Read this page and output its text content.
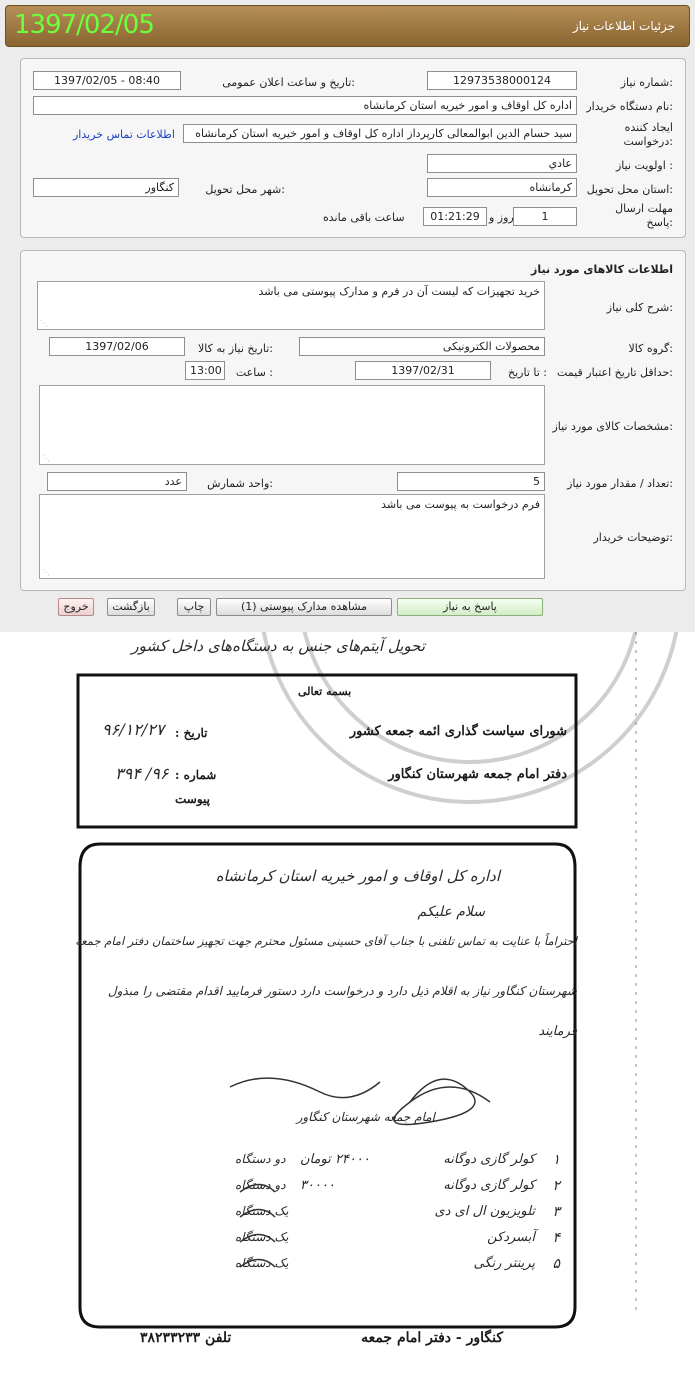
1397/02/05	جزئیات اطلاعات نیاز
شماره نیاز:
12973538000124
تاریخ و ساعت اعلان عمومی:
1397/02/05 - 08:40
نام دستگاه خریدار:
اداره کل اوقاف و امور خیریه استان کرمانشاه
ایجاد کننده درخواست:
سید حسام الدین ابوالمعالی کارپرداز اداره کل اوقاف و امور خیریه استان کرمانشاه
اطلاعات تماس خریدار
اولویت نیاز :
عادي
استان محل تحویل:
کرمانشاه
شهر محل تحویل:
کنگاور
مهلت ارسال پاسخ:
1
روز و
01:21:29
ساعت باقی مانده
اطلاعات کالاهای مورد نیاز
شرح کلی نیاز:
خرید تجهیزات که لیست آن در فرم و مدارک پیوستی می باشد
⋰
گروه کالا:
محصولات الکترونیکی
تاریخ نیاز به کالا:
1397/02/06
حداقل تاریخ اعتبار قیمت:
تا تاریخ :
1397/02/31
ساعت :
13:00
مشخصات کالای مورد نیاز:
⋰
تعداد / مقدار مورد نیاز:
5
واحد شمارش:
عدد
توضیحات خریدار:
فرم درخواست به پیوست می باشد
⋰
پاسخ به نیاز
مشاهده مدارک پیوستی (1)
چاپ
بازگشت
خروج
تحویل آیتم‌های جنس به دستگاه‌های داخل کشور
بسمه تعالی
شورای سیاست گذاری ائمه جمعه کشور
دفتر امام جمعه شهرستان کنگاور
تاریخ :
۹۶/۱۲/۲۷
شماره :
۹۶/ ۳۹۴
پیوست
اداره کل اوقاف و امور خیریه استان کرمانشاه
سلام علیکم
احتراماً با عنایت به تماس تلفنی با جناب آقای حسینی مسئول محترم جهت تجهیز ساختمان دفتر امام جمعه
شهرستان کنگاور نیاز به اقلام ذیل دارد و درخواست دارد دستور فرمایید اقدام مقتضی را مبذول
فرمایند
امام جمعه شهرستان کنگاور
۱
کولر گازی دوگانه
۲۴۰۰۰ تومان
دو دستگاه
۲
کولر گازی دوگانه
۳۰۰۰۰
دو دستگاه
۳
تلویزیون ال ای دی
یک دستگاه
۴
آبسردکن
یک دستگاه
۵
پرینتر رنگی
یک دستگاه
کنگاور - دفتر امام جمعه
تلفن ۳۸۲۳۳۲۳۳
